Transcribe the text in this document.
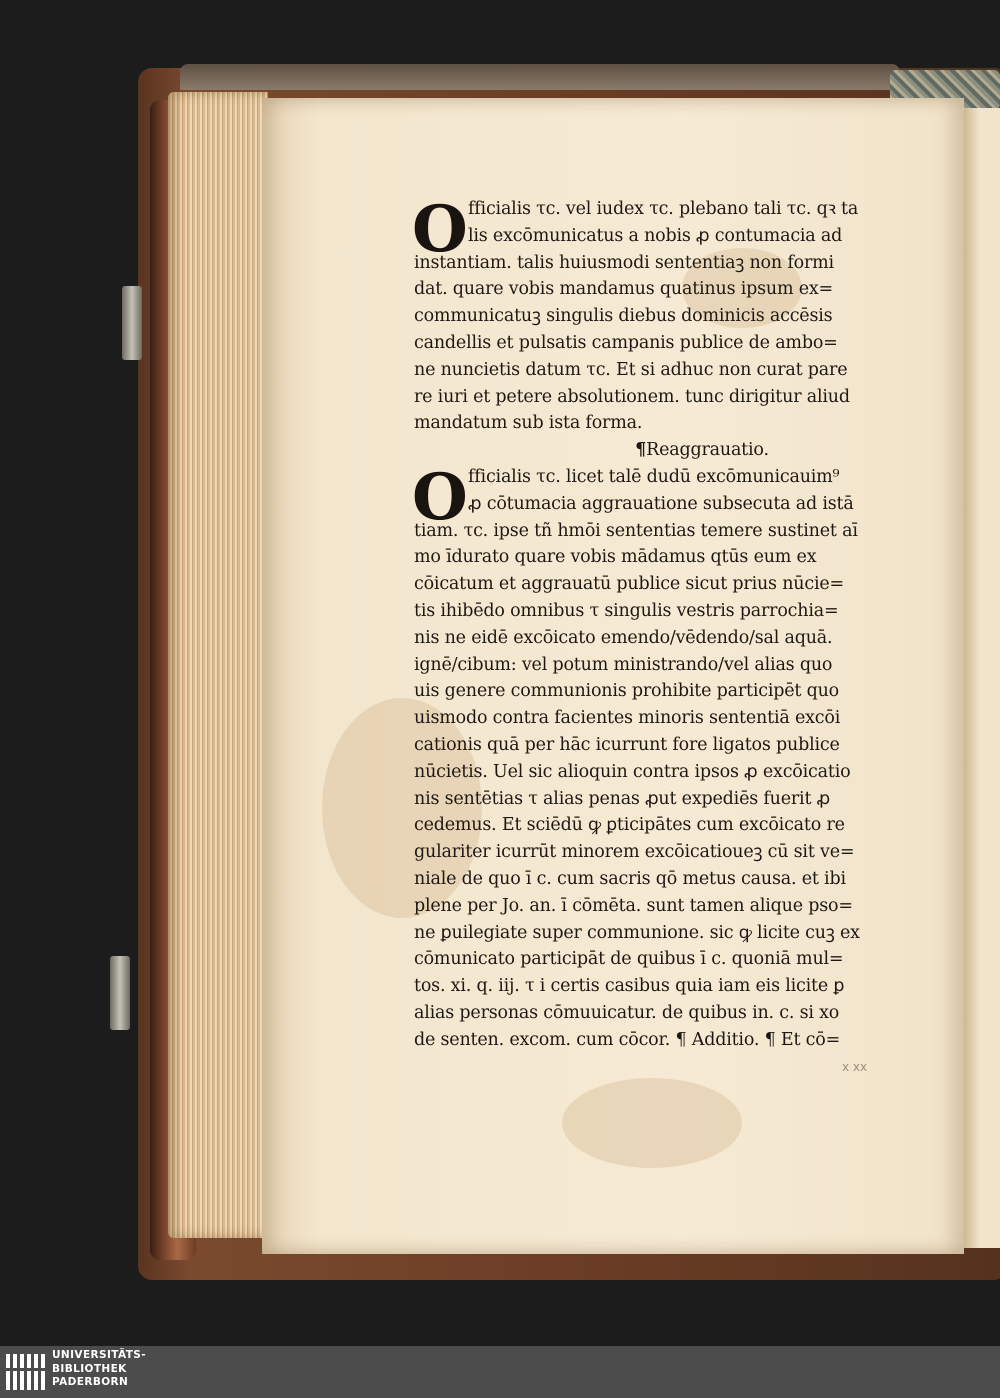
O fficialis τc. vel iudex τc. plebano tali τc. qꝛ ta
lis excōmunicatus a nobis ꝓ contumacia ad
instantiam. talis huiusmodi sententiaꝫ non formi
dat. quare vobis mandamus quatinus ipsum ex=
communicatuꝫ singulis diebus dominicis accēsis
candellis et pulsatis campanis publice de ambo=
ne nuncietis datum τc. Et si adhuc non curat pare
re iuri et petere absolutionem. tunc dirigitur aliud
mandatum sub ista forma.
¶Reaggrauatio.
O fficialis τc. licet talē dudū excōmunicauim⁹
ꝓ cōtumacia aggrauatione subsecuta ad istā
tiam. τc. ipse tñ hmōi sententias temere sustinet aī
mo īdurato quare vobis mādamus qtūs eum ex
cōicatum et aggrauatū publice sicut prius nūcie=
tis ihibēdo omnibus τ singulis vestris parrochia=
nis ne eidē excōicato emendo/vēdendo/sal aquā.
ignē/cibum: vel potum ministrando/vel alias quo
uis genere communionis prohibite participēt quo
uismodo contra facientes minoris sententiā excōi
cationis quā per hāc icurrunt fore ligatos publice
nūcietis. Uel sic alioquin contra ipsos ꝓ excōicatio
nis sentētias τ alias penas ꝓut expediēs fuerit ꝓ
cedemus. Et sciēdū ꝙ ꝑticipātes cum excōicato re
gulariter icurrūt minorem excōicatioueꝫ cū sit ve=
niale de quo ī c. cum sacris qō metus causa. et ibi
plene per Jo. an. ī cōmēta. sunt tamen alique pso=
ne ꝑuilegiate super communione. sic ꝙ licite cuꝫ ex
cōmunicato participāt de quibus ī c. quoniā mul=
tos. xi. q. iij. τ i certis casibus quia iam eis licite ꝑ
alias personas cōmuuicatur. de quibus in. c. si xo
de senten. excom. cum cōcor. ¶ Additio. ¶ Et cō=
x xx
UNIVERSITÄTS-
BIBLIOTHEK
PADERBORN
